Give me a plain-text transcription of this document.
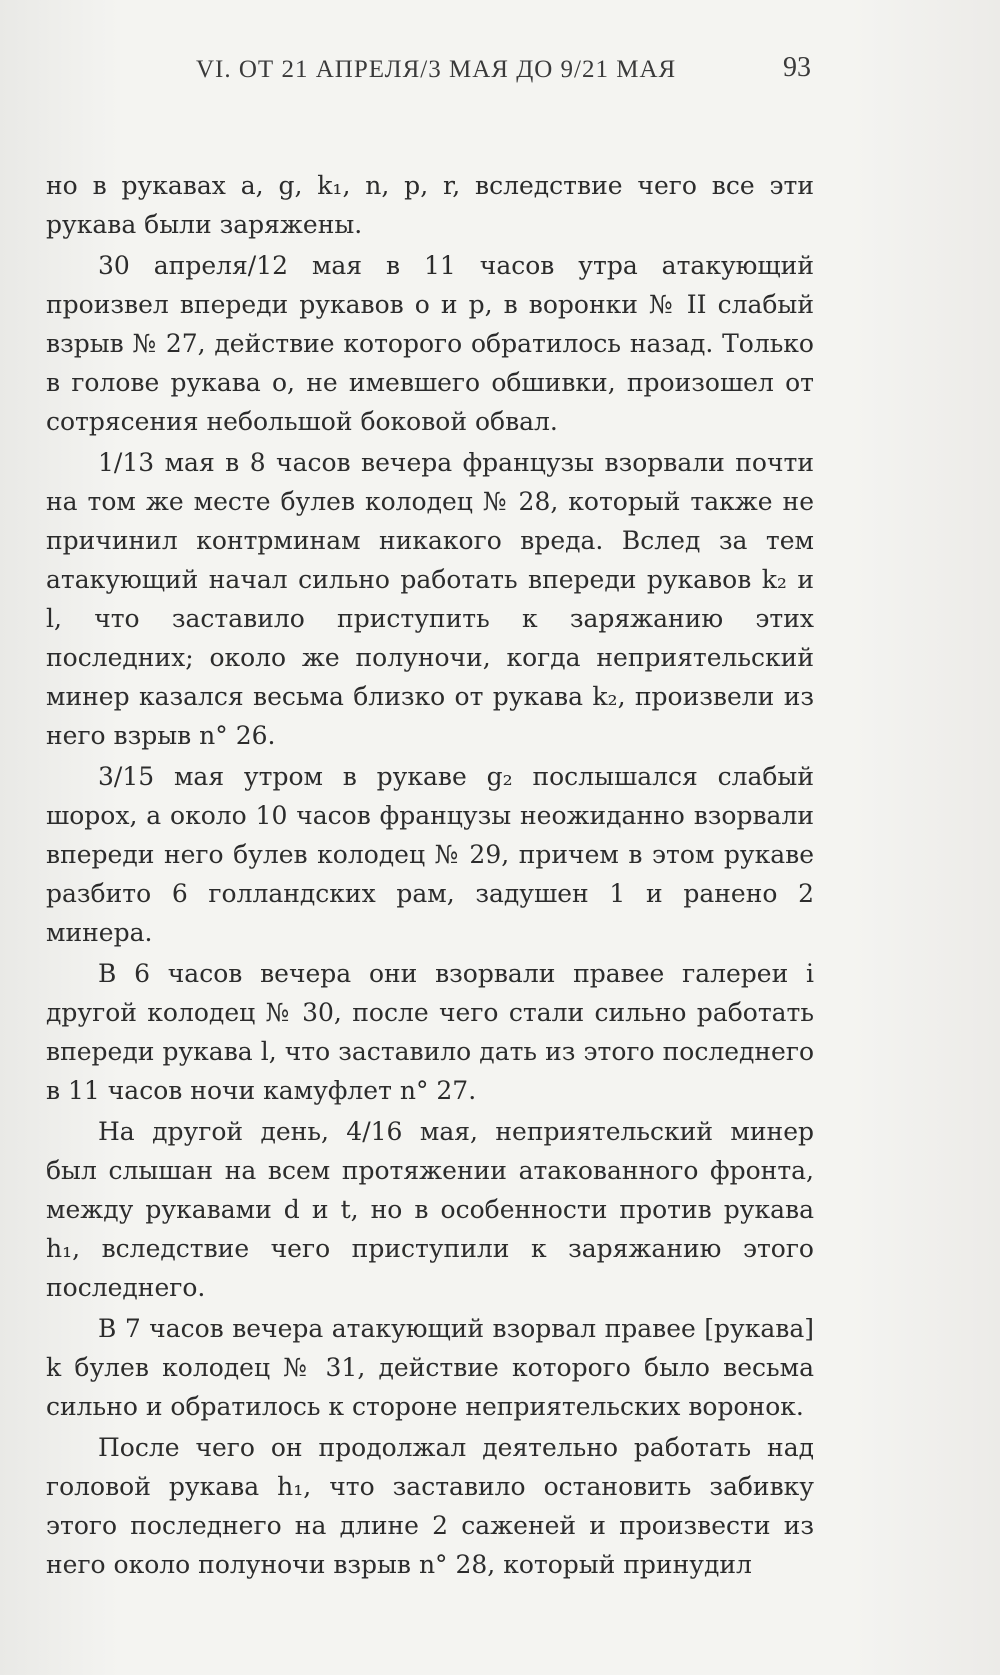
VI. ОТ 21 АПРЕЛЯ/3 МАЯ ДО 9/21 МАЯ	93

но в рукавах a, g, k₁, n, p, r, вследствие чего все эти рукава были заряжены.

30 апреля/12 мая в 11 часов утра атакующий произвел впереди рукавов o и p, в воронки № II слабый взрыв № 27, действие которого обратилось назад. Только в голове рукава o, не имевшего обшивки, произошел от сотрясения небольшой боковой обвал.

1/13 мая в 8 часов вечера французы взорвали почти на том же месте булев колодец № 28, который также не причинил контрминам никакого вреда. Вслед за тем атакующий начал сильно работать впереди рукавов k₂ и l, что заставило приступить к заряжанию этих последних; около же полуночи, когда неприятельский минер казался весьма близко от рукава k₂, произвели из него взрыв n° 26.

3/15 мая утром в рукаве g₂ послышался слабый шорох, а около 10 часов французы неожиданно взорвали впереди него булев колодец № 29, причем в этом рукаве разбито 6 голландских рам, задушен 1 и ранено 2 минера.

В 6 часов вечера они взорвали правее галереи i другой колодец № 30, после чего стали сильно работать впереди рукава l, что заставило дать из этого последнего в 11 часов ночи камуфлет n° 27.

На другой день, 4/16 мая, неприятельский минер был слышан на всем протяжении атакованного фронта, между рукавами d и t, но в особенности против рукава h₁, вследствие чего приступили к заряжанию этого последнего.

В 7 часов вечера атакующий взорвал правее [рукава] k булев колодец № 31, действие которого было весьма сильно и обратилось к стороне неприятельских воронок.

После чего он продолжал деятельно работать над головой рукава h₁, что заставило остановить забивку этого последнего на длине 2 саженей и произвести из него около полуночи взрыв n° 28, который принудил
